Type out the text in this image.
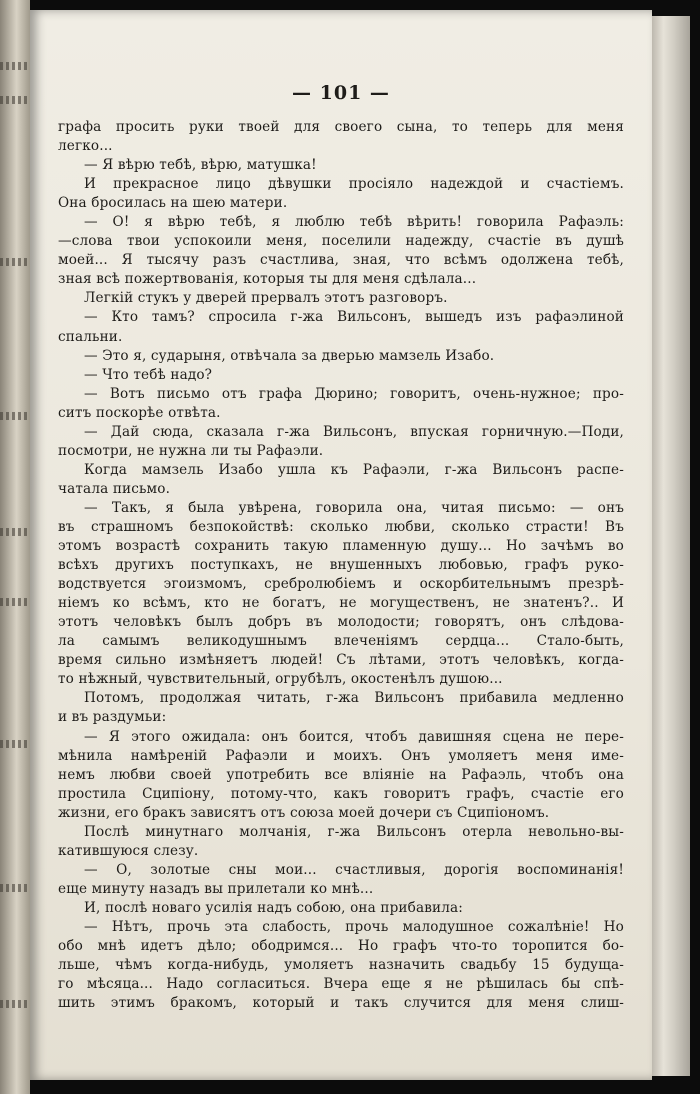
— 101 —
графа просить руки твоей для своего сына, то теперь для меня
легко...
— Я вѣрю тебѣ, вѣрю, матушка!
И прекрасное лицо дѣвушки просіяло надеждой и счастіемъ.
Она бросилась на шею матери.
— О! я вѣрю тебѣ, я люблю тебѣ вѣрить! говорила Рафаэль:
—слова твои успокоили меня, поселили надежду, счастіе въ душѣ
моей... Я тысячу разъ счастлива, зная, что всѣмъ одолжена тебѣ,
зная всѣ пожертвованія, которыя ты для меня сдѣлала...
Легкій стукъ у дверей прервалъ этотъ разговоръ.
— Кто тамъ? спросила г-жа Вильсонъ, вышедъ изъ рафаэлиной
спальни.
— Это я, сударыня, отвѣчала за дверью мамзель Изабо.
— Что тебѣ надо?
— Вотъ письмо отъ графа Дюрино; говоритъ, очень-нужное; про-
ситъ поскорѣе отвѣта.
— Дай сюда, сказала г-жа Вильсонъ, впуская горничную.—Поди,
посмотри, не нужна ли ты Рафаэли.
Когда мамзель Изабо ушла къ Рафаэли, г-жа Вильсонъ распе-
чатала письмо.
— Такъ, я была увѣрена, говорила она, читая письмо: — онъ
въ страшномъ безпокойствѣ: сколько любви, сколько страсти! Въ
этомъ возрастѣ сохранить такую пламенную душу... Но зачѣмъ во
всѣхъ другихъ поступкахъ, не внушенныхъ любовью, графъ руко-
водствуется эгоизмомъ, сребролюбіемъ и оскорбительнымъ презрѣ-
ніемъ ко всѣмъ, кто не богатъ, не могущественъ, не знатенъ?.. И
этотъ человѣкъ былъ добръ въ молодости; говорятъ, онъ слѣдова-
ла самымъ великодушнымъ влеченіямъ сердца... Стало-быть,
время сильно измѣняетъ людей! Съ лѣтами, этотъ человѣкъ, когда-
то нѣжный, чувствительный, огрубѣлъ, окостенѣлъ душою...
Потомъ, продолжая читать, г-жа Вильсонъ прибавила медленно
и въ раздумьи:
— Я этого ожидала: онъ боится, чтобъ давишняя сцена не пере-
мѣнила намѣреній Рафаэли и моихъ. Онъ умоляетъ меня име-
немъ любви своей употребить все вліяніе на Рафаэль, чтобъ она
простила Сципіону, потому-что, какъ говоритъ графъ, счастіе его
жизни, его бракъ зависятъ отъ союза моей дочери съ Сципіономъ.
Послѣ минутнаго молчанія, г-жа Вильсонъ отерла невольно-вы-
катившуюся слезу.
— О, золотые сны мои... счастливыя, дорогія воспоминанія!
еще минуту назадъ вы прилетали ко мнѣ...
И, послѣ новаго усилія надъ собою, она прибавила:
— Нѣтъ, прочь эта слабость, прочь малодушное сожалѣніе! Но
обо мнѣ идетъ дѣло; ободримся... Но графъ что-то торопится бо-
льше, чѣмъ когда-нибудь, умоляетъ назначить свадьбу 15 будуща-
го мѣсяца... Надо согласиться. Вчера еще я не рѣшилась бы спѣ-
шить этимъ бракомъ, который и такъ случится для меня слиш-
